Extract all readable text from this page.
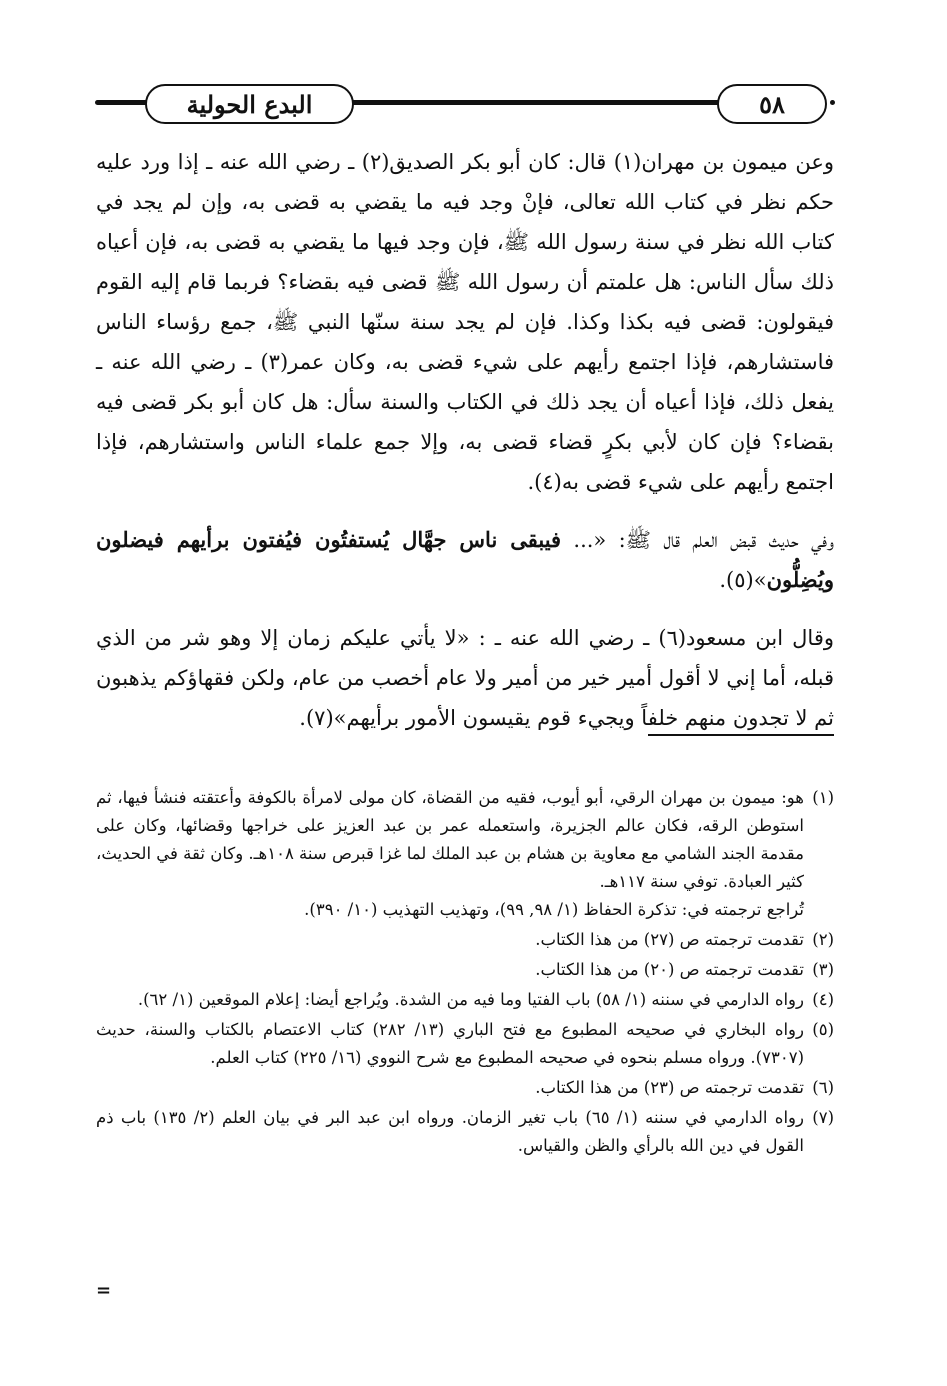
البدع الحولية	٥٨

وعن ميمون بن مهران(١) قال: كان أبو بكر الصديق(٢) ـ رضي الله عنه ـ إذا ورد عليه حكم نظر في كتاب الله تعالى، فإنْ وجد فيه ما يقضي به قضى به، وإن لم يجد في كتاب الله نظر في سنة رسول الله ﷺ، فإن وجد فيها ما يقضي به قضى به، فإن أعياه ذلك سأل الناس: هل علمتم أن رسول الله ﷺ قضى فيه بقضاء؟ فربما قام إليه القوم فيقولون: قضى فيه بكذا وكذا. فإن لم يجد سنة سنّها النبي ﷺ، جمع رؤساء الناس فاستشارهم، فإذا اجتمع رأيهم على شيء قضى به، وكان عمر(٣) ـ رضي الله عنه ـ يفعل ذلك، فإذا أعياه أن يجد ذلك في الكتاب والسنة سأل: هل كان أبو بكر قضى فيه بقضاء؟ فإن كان لأبي بكرٍ قضاء قضى به، وإلا جمع علماء الناس واستشارهم، فإذا اجتمع رأيهم على شيء قضى به(٤).

وفي حديث قبض العلم قال ﷺ: «... فيبقى ناس جهَّال يُستفتُون فيُفتون برأيهم فيضلون ويُضِلُّون»(٥).

وقال ابن مسعود(٦) ـ رضي الله عنه ـ : «لا يأتي عليكم زمان إلا وهو شر من الذي قبله، أما إني لا أقول أمير خير من أمير ولا عام أخصب من عام، ولكن فقهاؤكم يذهبون ثم لا تجدون منهم خلفاً ويجيء قوم يقيسون الأمور برأيهم»(٧).

(١)
هو: ميمون بن مهران الرقي، أبو أيوب، فقيه من القضاة، كان مولى لامرأة بالكوفة وأعتقته فنشأ فيها، ثم استوطن الرقه، فكان عالم الجزيرة، واستعمله عمر بن عبد العزيز على خراجها وقضائها، وكان على مقدمة الجند الشامي مع معاوية بن هشام بن عبد الملك لما غزا قبرص سنة ١٠٨هـ. وكان ثقة في الحديث، كثير العبادة. توفي سنة ١١٧هـ.
تُراجع ترجمته في: تذكرة الحفاظ (١/ ٩٨, ٩٩)، وتهذيب التهذيب (١٠/ ٣٩٠).
(٢)
تقدمت ترجمته ص (٢٧) من هذا الكتاب.
(٣)
تقدمت ترجمته ص (٢٠) من هذا الكتاب.
(٤)
رواه الدارمي في سننه (١/ ٥٨) باب الفتيا وما فيه من الشدة. ويُراجع أيضا: إعلام الموقعين (١/ ٦٢).
(٥)
رواه البخاري في صحيحه المطبوع مع فتح الباري (١٣/ ٢٨٢) كتاب الاعتصام بالكتاب والسنة، حديث (٧٣٠٧). ورواه مسلم بنحوه في صحيحه المطبوع مع شرح النووي (١٦/ ٢٢٥) كتاب العلم.
(٦)
تقدمت ترجمته ص (٢٣) من هذا الكتاب.
(٧)
رواه الدارمي في سننه (١/ ٦٥) باب تغير الزمان. ورواه ابن عبد البر في بيان العلم (٢/ ١٣٥) باب ذم القول في دين الله بالرأي والظن والقياس.
=
